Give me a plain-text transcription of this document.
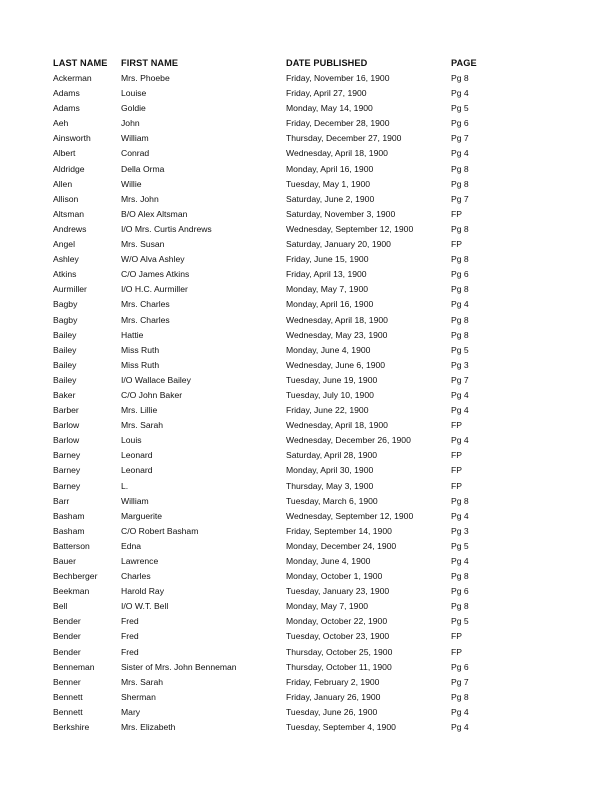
LAST NAME	FIRST NAME	DATE PUBLISHED	PAGE
Ackerman	Mrs. Phoebe	Friday, November 16, 1900	Pg 8
Adams	Louise	Friday, April 27, 1900	Pg 4
Adams	Goldie	Monday, May 14, 1900	Pg 5
Aeh	John	Friday, December 28, 1900	Pg 6
Ainsworth	William	Thursday, December 27, 1900	Pg 7
Albert	Conrad	Wednesday, April 18, 1900	Pg 4
Aldridge	Della Orma	Monday, April 16, 1900	Pg 8
Allen	Willie	Tuesday, May 1, 1900	Pg 8
Allison	Mrs. John	Saturday, June 2, 1900	Pg 7
Altsman	B/O Alex Altsman	Saturday, November 3, 1900	FP
Andrews	I/O Mrs. Curtis Andrews	Wednesday, September 12, 1900	Pg 8
Angel	Mrs. Susan	Saturday, January 20, 1900	FP
Ashley	W/O Alva Ashley	Friday, June 15, 1900	Pg 8
Atkins	C/O James Atkins	Friday, April 13, 1900	Pg 6
Aurmiller	I/O H.C. Aurmiller	Monday, May 7, 1900	Pg 8
Bagby	Mrs. Charles	Monday, April 16, 1900	Pg 4
Bagby	Mrs. Charles	Wednesday, April 18, 1900	Pg 8
Bailey	Hattie	Wednesday, May 23, 1900	Pg 8
Bailey	Miss Ruth	Monday, June 4, 1900	Pg 5
Bailey	Miss Ruth	Wednesday, June 6, 1900	Pg 3
Bailey	I/O Wallace Bailey	Tuesday, June 19, 1900	Pg 7
Baker	C/O John Baker	Tuesday, July 10, 1900	Pg 4
Barber	Mrs. Lillie	Friday, June 22, 1900	Pg 4
Barlow	Mrs. Sarah	Wednesday, April 18, 1900	FP
Barlow	Louis	Wednesday, December 26, 1900	Pg 4
Barney	Leonard	Saturday, April 28, 1900	FP
Barney	Leonard	Monday, April 30, 1900	FP
Barney	L.	Thursday, May 3, 1900	FP
Barr	William	Tuesday, March 6, 1900	Pg 8
Basham	Marguerite	Wednesday, September 12, 1900	Pg 4
Basham	C/O Robert Basham	Friday, September 14, 1900	Pg 3
Batterson	Edna	Monday, December 24, 1900	Pg 5
Bauer	Lawrence	Monday, June 4, 1900	Pg 4
Bechberger	Charles	Monday, October 1, 1900	Pg 8
Beekman	Harold Ray	Tuesday, January 23, 1900	Pg 6
Bell	I/O W.T. Bell	Monday, May 7, 1900	Pg 8
Bender	Fred	Monday, October 22, 1900	Pg 5
Bender	Fred	Tuesday, October 23, 1900	FP
Bender	Fred	Thursday, October 25, 1900	FP
Benneman	Sister of Mrs. John Benneman	Thursday, October 11, 1900	Pg 6
Benner	Mrs. Sarah	Friday, February 2, 1900	Pg 7
Bennett	Sherman	Friday, January 26, 1900	Pg 8
Bennett	Mary	Tuesday, June 26, 1900	Pg 4
Berkshire	Mrs. Elizabeth	Tuesday, September 4, 1900	Pg 4
